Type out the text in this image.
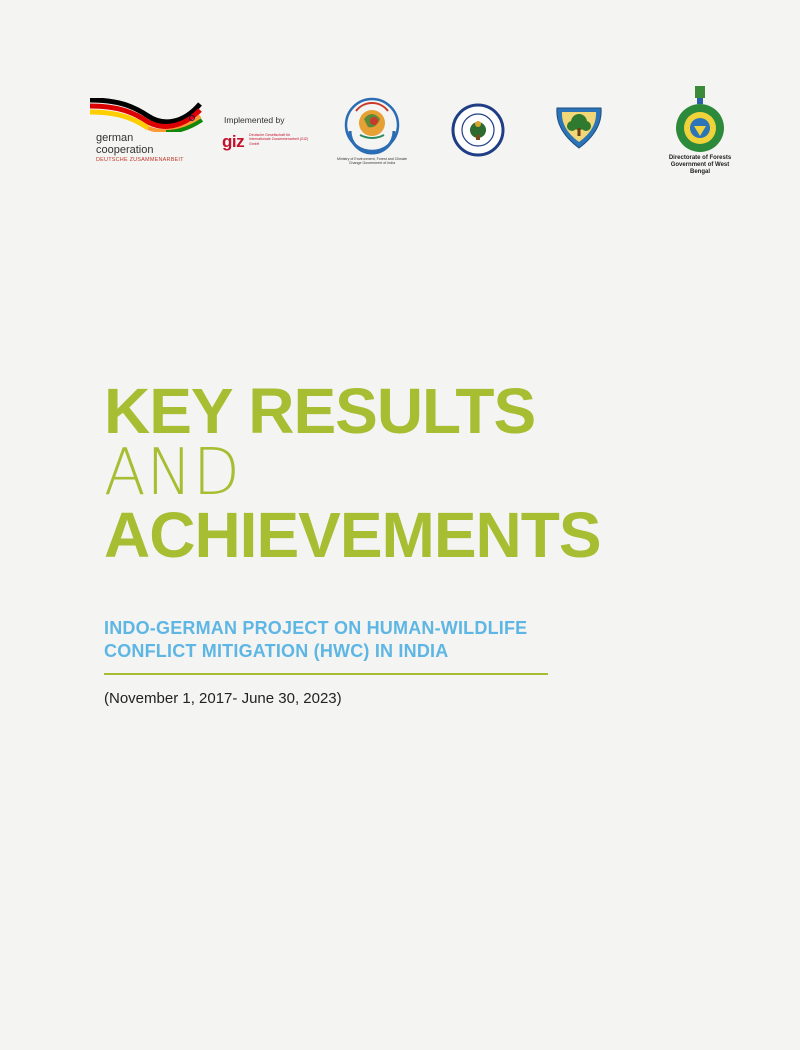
german
cooperation
DEUTSCHE ZUSAMMENARBEIT
Implemented by
giz Deutsche Gesellschaft für Internationale Zusammenarbeit (GIZ) GmbH
Ministry of Environment, Forest and Climate Change Government of India
Directorate of Forests
Government of West Bengal
KEY RESULTS
AND
ACHIEVEMENTS
INDO-GERMAN PROJECT ON HUMAN-WILDLIFE
CONFLICT MITIGATION (HWC) IN INDIA
(November 1, 2017- June 30, 2023)
